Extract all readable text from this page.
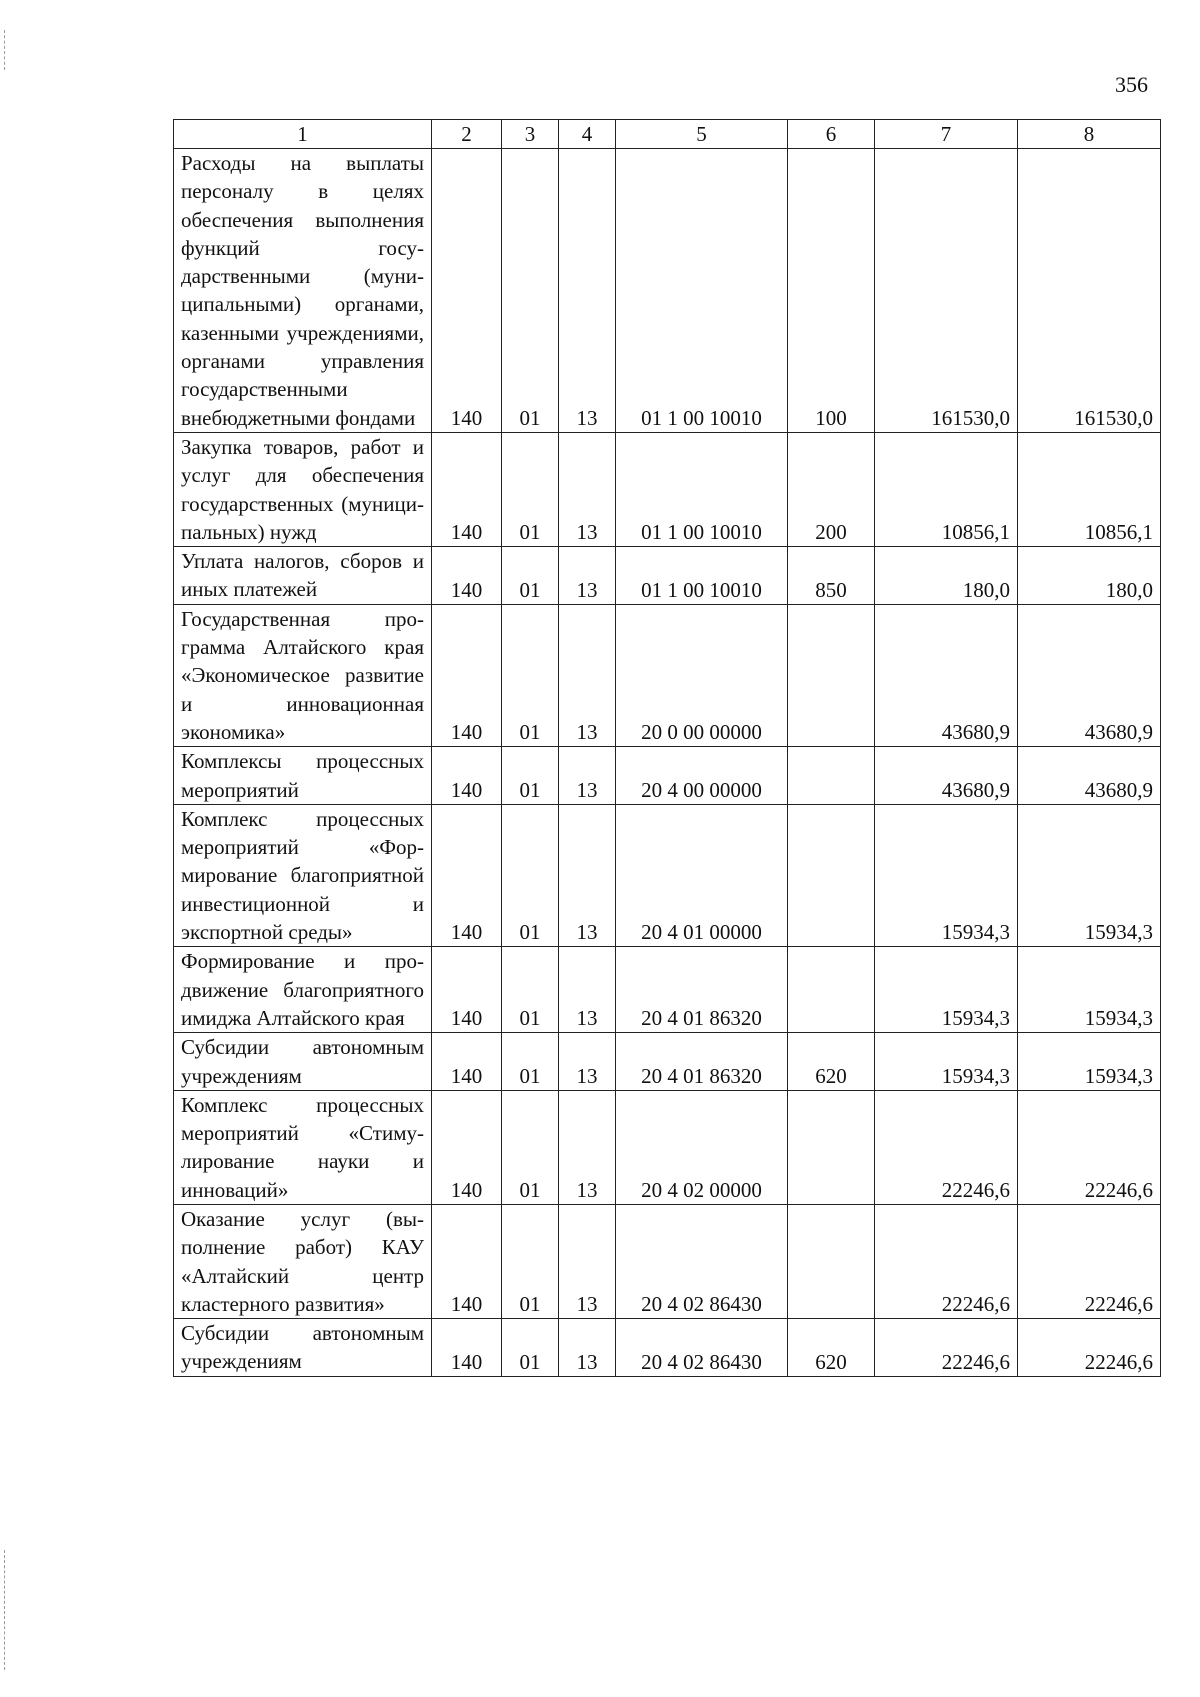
356
1	2	3	4	5	6	7	8
Расходы на выплаты персоналу в целях обеспечения выполнения функций государственными (муниципальными) органами, казенными учреждениями, органами управления государственными внебюджетными фондами	140	01	13	01 1 00 10010	100	161530,0	161530,0
Закупка товаров, работ и услуг для обеспечения государственных (муниципальных) нужд	140	01	13	01 1 00 10010	200	10856,1	10856,1
Уплата налогов, сборов и иных платежей	140	01	13	01 1 00 10010	850	180,0	180,0
Государственная программа Алтайского края «Экономическое развитие и инновационная экономика»	140	01	13	20 0 00 00000		43680,9	43680,9
Комплексы процессных мероприятий	140	01	13	20 4 00 00000		43680,9	43680,9
Комплекс процессных мероприятий «Формирование благоприятной инвестиционной и экспортной среды»	140	01	13	20 4 01 00000		15934,3	15934,3
Формирование и продвижение благоприятного имиджа Алтайского края	140	01	13	20 4 01 86320		15934,3	15934,3
Субсидии автономным учреждениям	140	01	13	20 4 01 86320	620	15934,3	15934,3
Комплекс процессных мероприятий «Стимулирование науки и инноваций»	140	01	13	20 4 02 00000		22246,6	22246,6
Оказание услуг (выполнение работ) КАУ «Алтайский центр кластерного развития»	140	01	13	20 4 02 86430		22246,6	22246,6
Субсидии автономным учреждениям	140	01	13	20 4 02 86430	620	22246,6	22246,6
